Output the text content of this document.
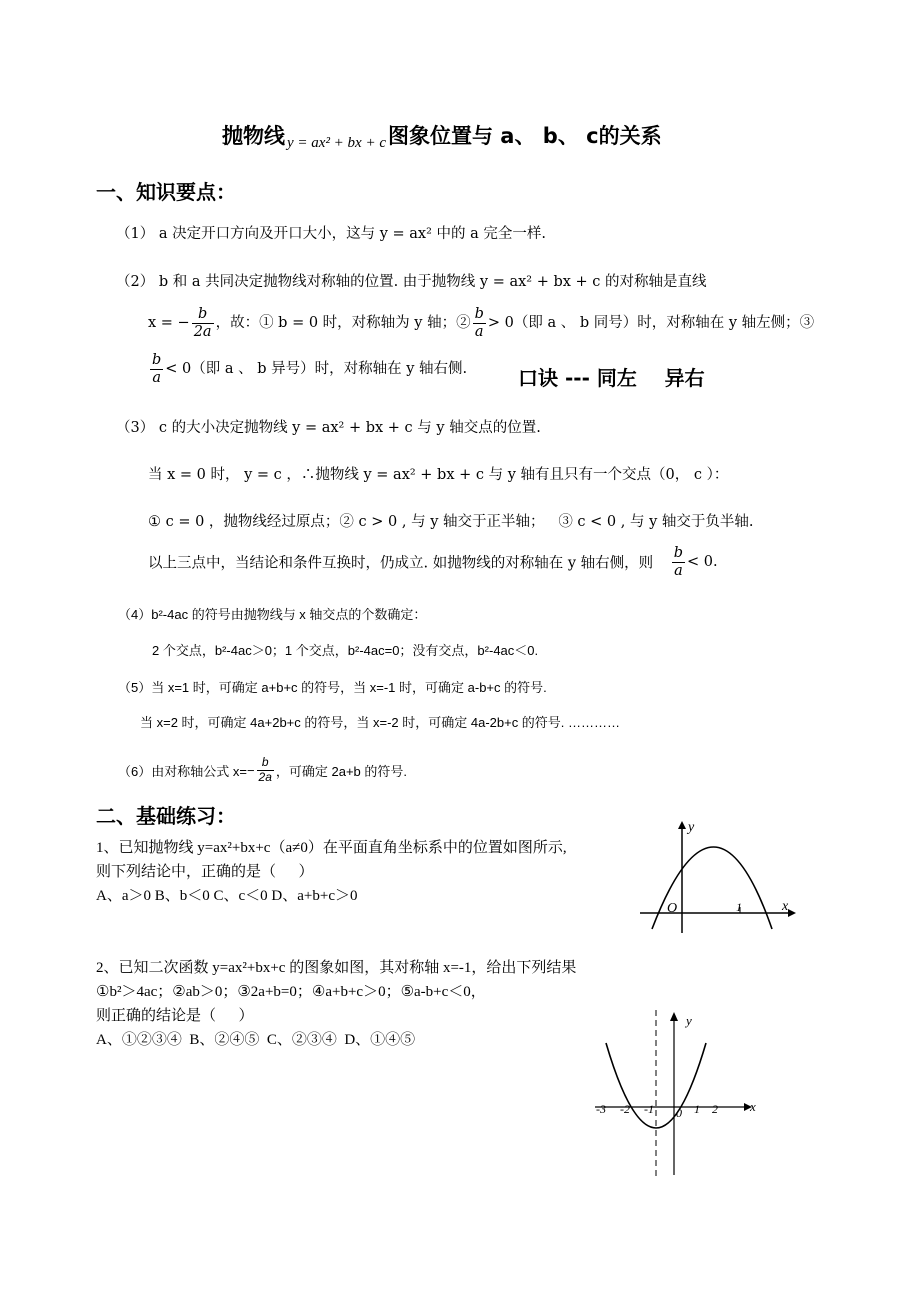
抛物线 y = ax² + bx + c图象位置与 a、 b、 c的关系
一、知识要点：
（1） a 决定开口方向及开口大小，这与 y = ax² 中的 a 完全一样.
（2） b 和 a 共同决定抛物线对称轴的位置. 由于抛物线 y = ax² + bx + c 的对称轴是直线
x = − $\frac{b}{2a}$ ，故：① b = 0 时，对称轴为 y 轴；② $\frac{b}{a} > 0$（即 a 、 b 同号）时，对称轴在 y 轴左侧；③
$\frac{b}{a} < 0$（即 a 、 b 异号）时，对称轴在 y 轴右侧.	口诀 --- 同左    异右
（3） c 的大小决定抛物线 y = ax² + bx + c 与 y 轴交点的位置.
当 x = 0 时， y = c ，∴抛物线 y = ax² + bx + c 与 y 轴有且只有一个交点（0， c ）：
① c = 0 ，抛物线经过原点；② c > 0 , 与 y 轴交于正半轴；   ③ c < 0 , 与 y 轴交于负半轴.
以上三点中，当结论和条件互换时，仍成立. 如抛物线的对称轴在 y 轴右侧，则 $\frac{b}{a} < 0$.
（4）b²-4ac 的符号由抛物线与 x 轴交点的个数确定：
2 个交点，b²-4ac＞0；1 个交点，b²-4ac=0；没有交点，b²-4ac＜0.
（5）当 x=1 时，可确定 a+b+c 的符号，当 x=-1 时，可确定 a-b+c 的符号.
当 x=2 时，可确定 4a+2b+c 的符号，当 x=-2 时，可确定 4a-2b+c 的符号. …………
（6）由对称轴公式 $x=- \frac{b}{2a}$ ，可确定 2a+b 的符号.
二、基础练习：
1、已知抛物线 y=ax²+bx+c（a≠0）在平面直角坐标系中的位置如图所示,
则下列结论中，正确的是（      ）
A、a＞0 B、b＜0 C、c＜0 D、a+b+c＞0
2、已知二次函数 y=ax²+bx+c 的图象如图，其对称轴 x=-1，给出下列结果
①b²＞4ac；②ab＞0；③2a+b=0；④a+b+c＞0；⑤a-b+c＜0，
则正确的结论是（      ）
A、①②③④  B、②④⑤  C、②③④  D、①④⑤
y
x
O	1
y
x
-3 -2 -1 0 1 2
